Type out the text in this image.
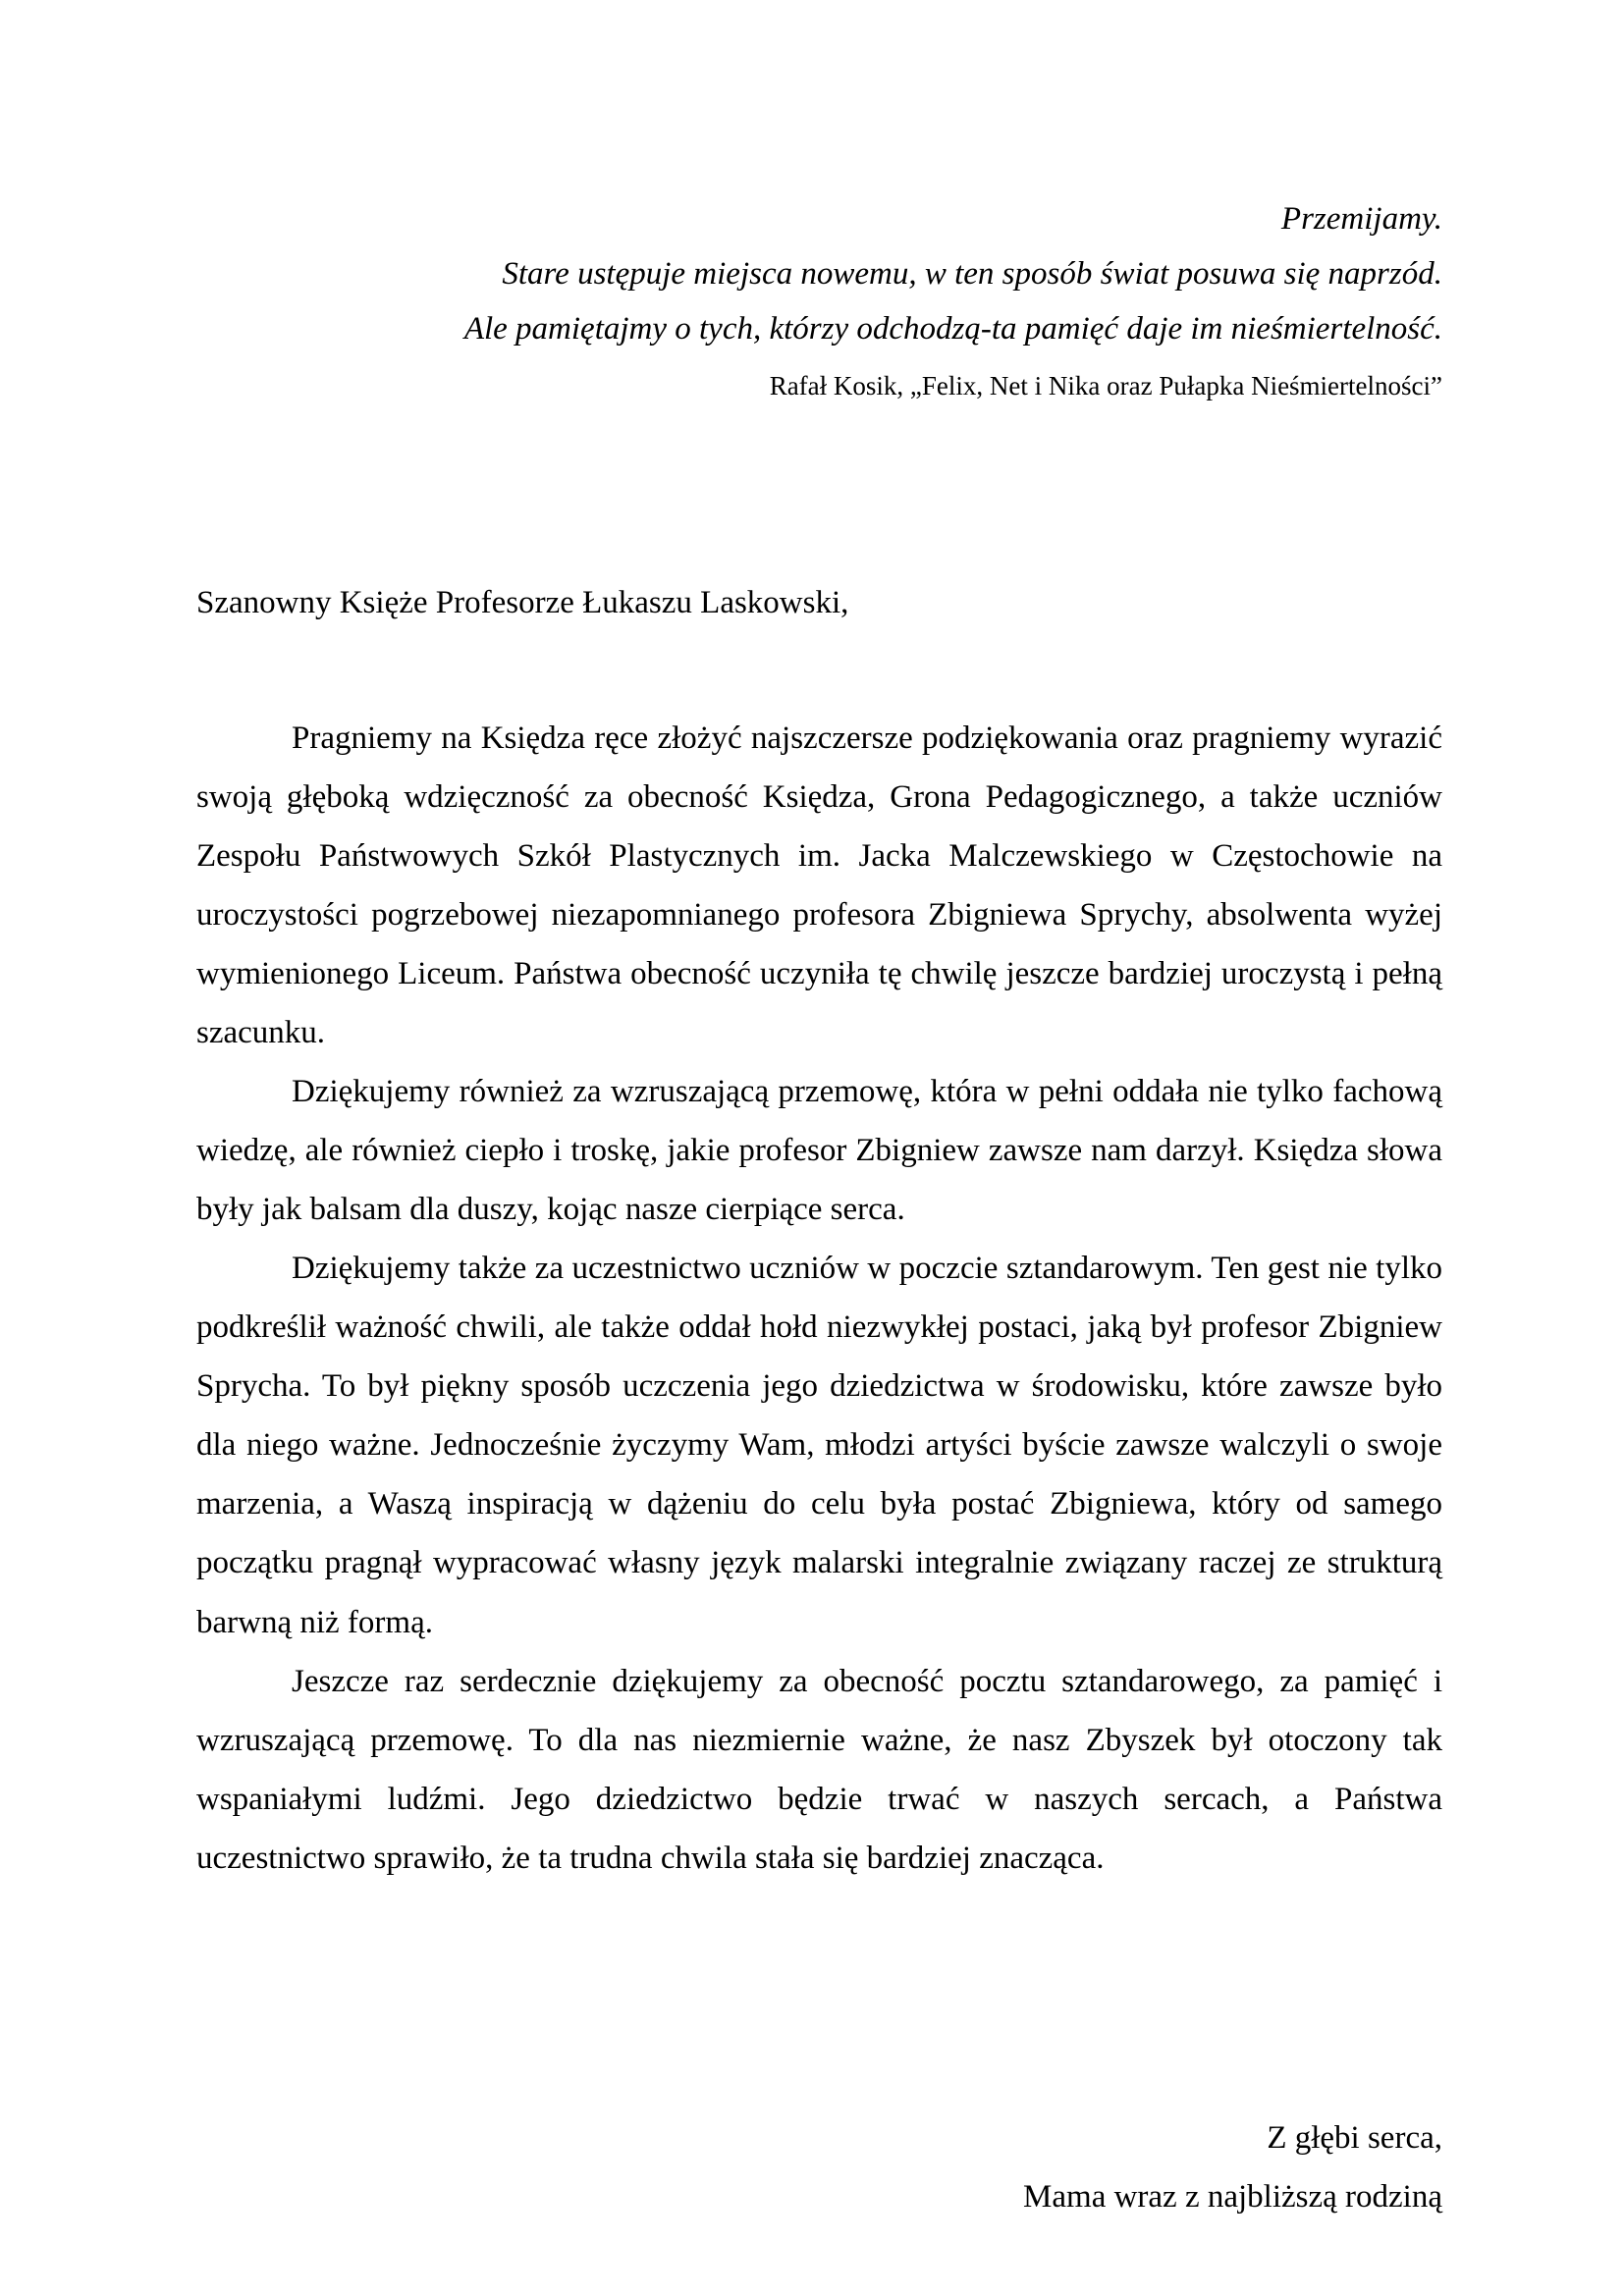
Przemijamy.
Stare ustępuje miejsca nowemu, w ten sposób świat posuwa się naprzód.
Ale pamiętajmy o tych, którzy odchodzą-ta pamięć daje im nieśmiertelność.
Rafał Kosik, „Felix, Net i Nika oraz Pułapka Nieśmiertelności”
Szanowny Księże Profesorze Łukaszu Laskowski,

Pragniemy na Księdza ręce złożyć najszczersze podziękowania oraz pragniemy wyrazić swoją głęboką wdzięczność za obecność Księdza, Grona Pedagogicznego, a także uczniów Zespołu Państwowych Szkół Plastycznych im. Jacka Malczewskiego w Częstochowie na uroczystości pogrzebowej niezapomnianego profesora Zbigniewa Sprychy, absolwenta wyżej wymienionego Liceum. Państwa obecność uczyniła tę chwilę jeszcze bardziej uroczystą i pełną szacunku.

Dziękujemy również za wzruszającą przemowę, która w pełni oddała nie tylko fachową wiedzę, ale również ciepło i troskę, jakie profesor Zbigniew zawsze nam darzył. Księdza słowa były jak balsam dla duszy, kojąc nasze cierpiące serca.

Dziękujemy także za uczestnictwo uczniów w poczcie sztandarowym. Ten gest nie tylko podkreślił ważność chwili, ale także oddał hołd niezwykłej postaci, jaką był profesor Zbigniew Sprycha. To był piękny sposób uczczenia jego dziedzictwa w środowisku, które zawsze było dla niego ważne. Jednocześnie życzymy Wam, młodzi artyści byście zawsze walczyli o swoje marzenia, a Waszą inspiracją w dążeniu do celu była postać Zbigniewa, który od samego początku pragnął wypracować własny język malarski integralnie związany raczej ze strukturą barwną niż formą.

Jeszcze raz serdecznie dziękujemy za obecność pocztu sztandarowego, za pamięć i wzruszającą przemowę. To dla nas niezmiernie ważne, że nasz Zbyszek był otoczony tak wspaniałymi ludźmi. Jego dziedzictwo będzie trwać w naszych sercach, a Państwa uczestnictwo sprawiło, że ta trudna chwila stała się bardziej znacząca.

Z głębi serca,
Mama wraz z najbliższą rodziną
